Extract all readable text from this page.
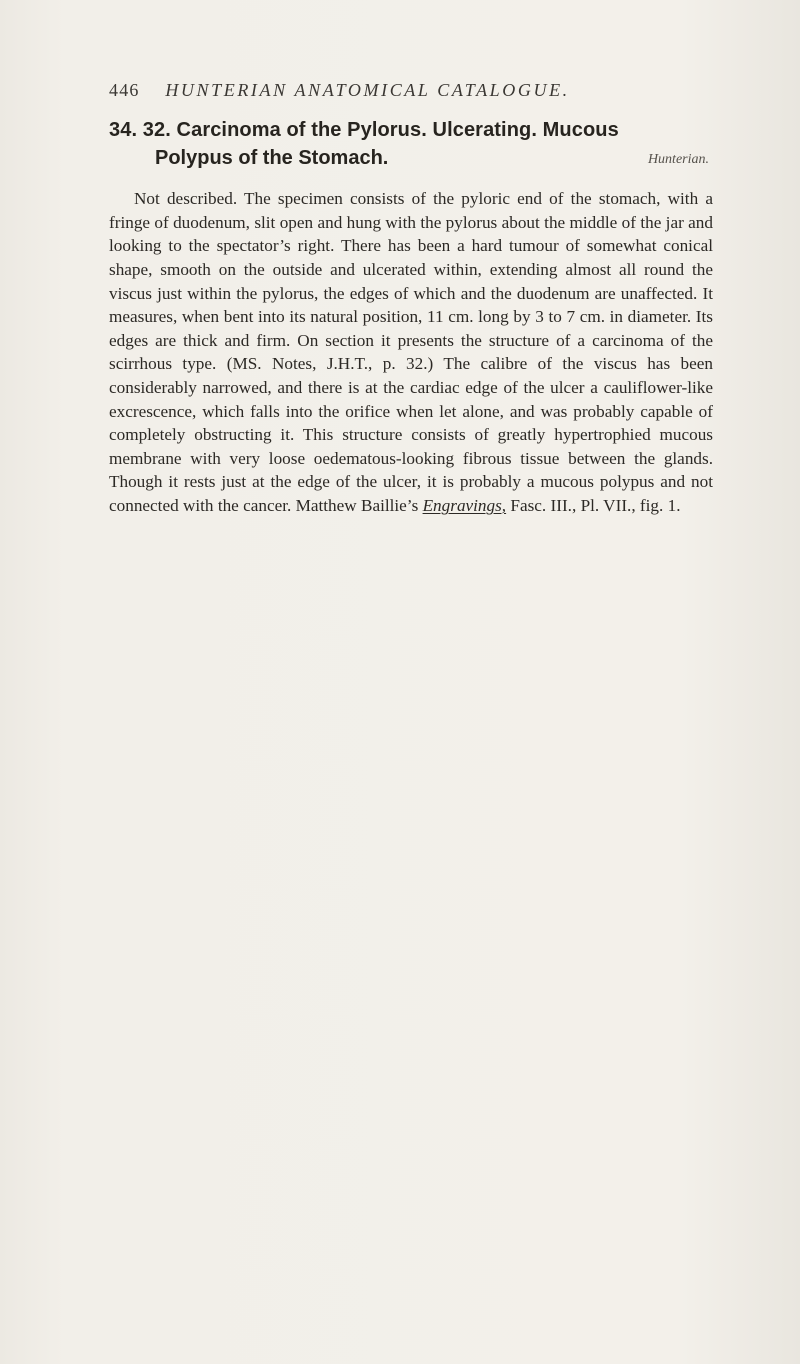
446 HUNTERIAN ANATOMICAL CATALOGUE.
34. 32. Carcinoma of the Pylorus. Ulcerating. Mucous
Polypus of the Stomach.	Hunterian.

Not described. The specimen consists of the pyloric end of the stomach, with a fringe of duodenum, slit open and hung with the pylorus about the middle of the jar and looking to the spectator’s right. There has been a hard tumour of somewhat conical shape, smooth on the outside and ulcerated within, extending almost all round the viscus just within the pylorus, the edges of which and the duodenum are unaffected. It measures, when bent into its natural position, 11 cm. long by 3 to 7 cm. in diameter. Its edges are thick and firm. On section it presents the structure of a carcinoma of the scirrhous type. (MS. Notes, J.H.T., p. 32.) The calibre of the viscus has been considerably narrowed, and there is at the cardiac edge of the ulcer a cauliflower-like excrescence, which falls into the orifice when let alone, and was probably capable of completely obstructing it. This structure consists of greatly hypertrophied mucous membrane with very loose oedematous-looking fibrous tissue between the glands. Though it rests just at the edge of the ulcer, it is probably a mucous polypus and not connected with the cancer. Matthew Baillie’s Engravings, Fasc. III., Pl. VII., fig. 1.
